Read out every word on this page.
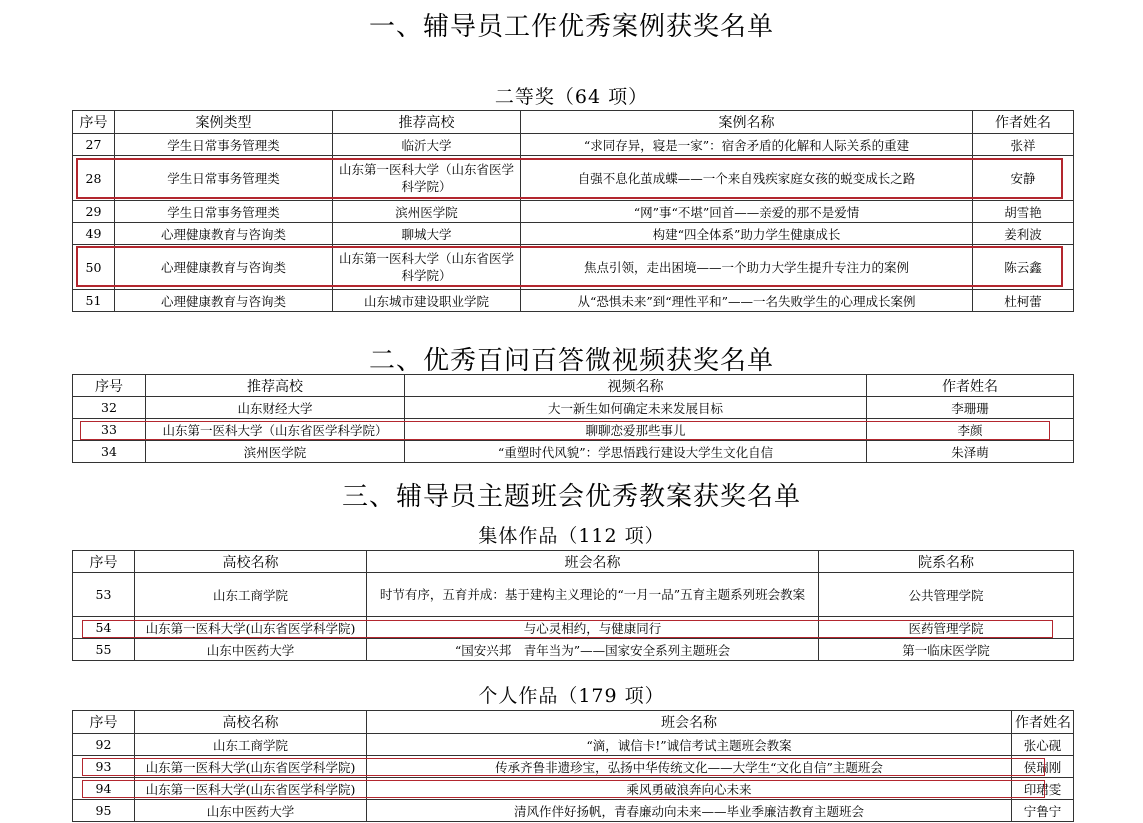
一、辅导员工作优秀案例获奖名单
二等奖（64 项）
序号	案例类型	推荐高校	案例名称	作者姓名
27	学生日常事务管理类	临沂大学	“求同存异，寝是一家”：宿舍矛盾的化解和人际关系的重建	张祥
28	学生日常事务管理类	山东第一医科大学（山东省医学科学院）	自强不息化茧成蝶——一个来自残疾家庭女孩的蜕变成长之路	安静
29	学生日常事务管理类	滨州医学院	“网”事“不堪”回首——亲爱的那不是爱情	胡雪艳
49	心理健康教育与咨询类	聊城大学	构建“四全体系”助力学生健康成长	姜利波
50	心理健康教育与咨询类	山东第一医科大学（山东省医学科学院）	焦点引领，走出困境——一个助力大学生提升专注力的案例	陈云鑫
51	心理健康教育与咨询类	山东城市建设职业学院	从“恐惧未来”到“理性平和”——一名失败学生的心理成长案例	杜柯蕾
二、优秀百问百答微视频获奖名单
序号	推荐高校	视频名称	作者姓名
32	山东财经大学	大一新生如何确定未来发展目标	李珊珊
33	山东第一医科大学（山东省医学科学院）	聊聊恋爱那些事儿	李颜
34	滨州医学院	“重塑时代风貌”：学思悟践行建设大学生文化自信	朱泽萌
三、辅导员主题班会优秀教案获奖名单
集体作品（112 项）
序号	高校名称	班会名称	院系名称
53	山东工商学院	时节有序，五育并成：基于建构主义理论的“一月一品”五育主题系列班会教案	公共管理学院
54	山东第一医科大学(山东省医学科学院)	与心灵相约，与健康同行	医药管理学院
55	山东中医药大学	“国安兴邦　青年当为”——国家安全系列主题班会	第一临床医学院
个人作品（179 项）
序号	高校名称	班会名称	作者姓名
92	山东工商学院	“滴，诚信卡!”诚信考试主题班会教案	张心砚
93	山东第一医科大学(山东省医学科学院)	传承齐鲁非遗珍宝，弘扬中华传统文化——大学生“文化自信”主题班会	侯瑞刚
94	山东第一医科大学(山东省医学科学院)	乘风勇破浪奔向心未来	印珺雯
95	山东中医药大学	清风作伴好扬帆，青春廉动向未来——毕业季廉洁教育主题班会	宁鲁宁
